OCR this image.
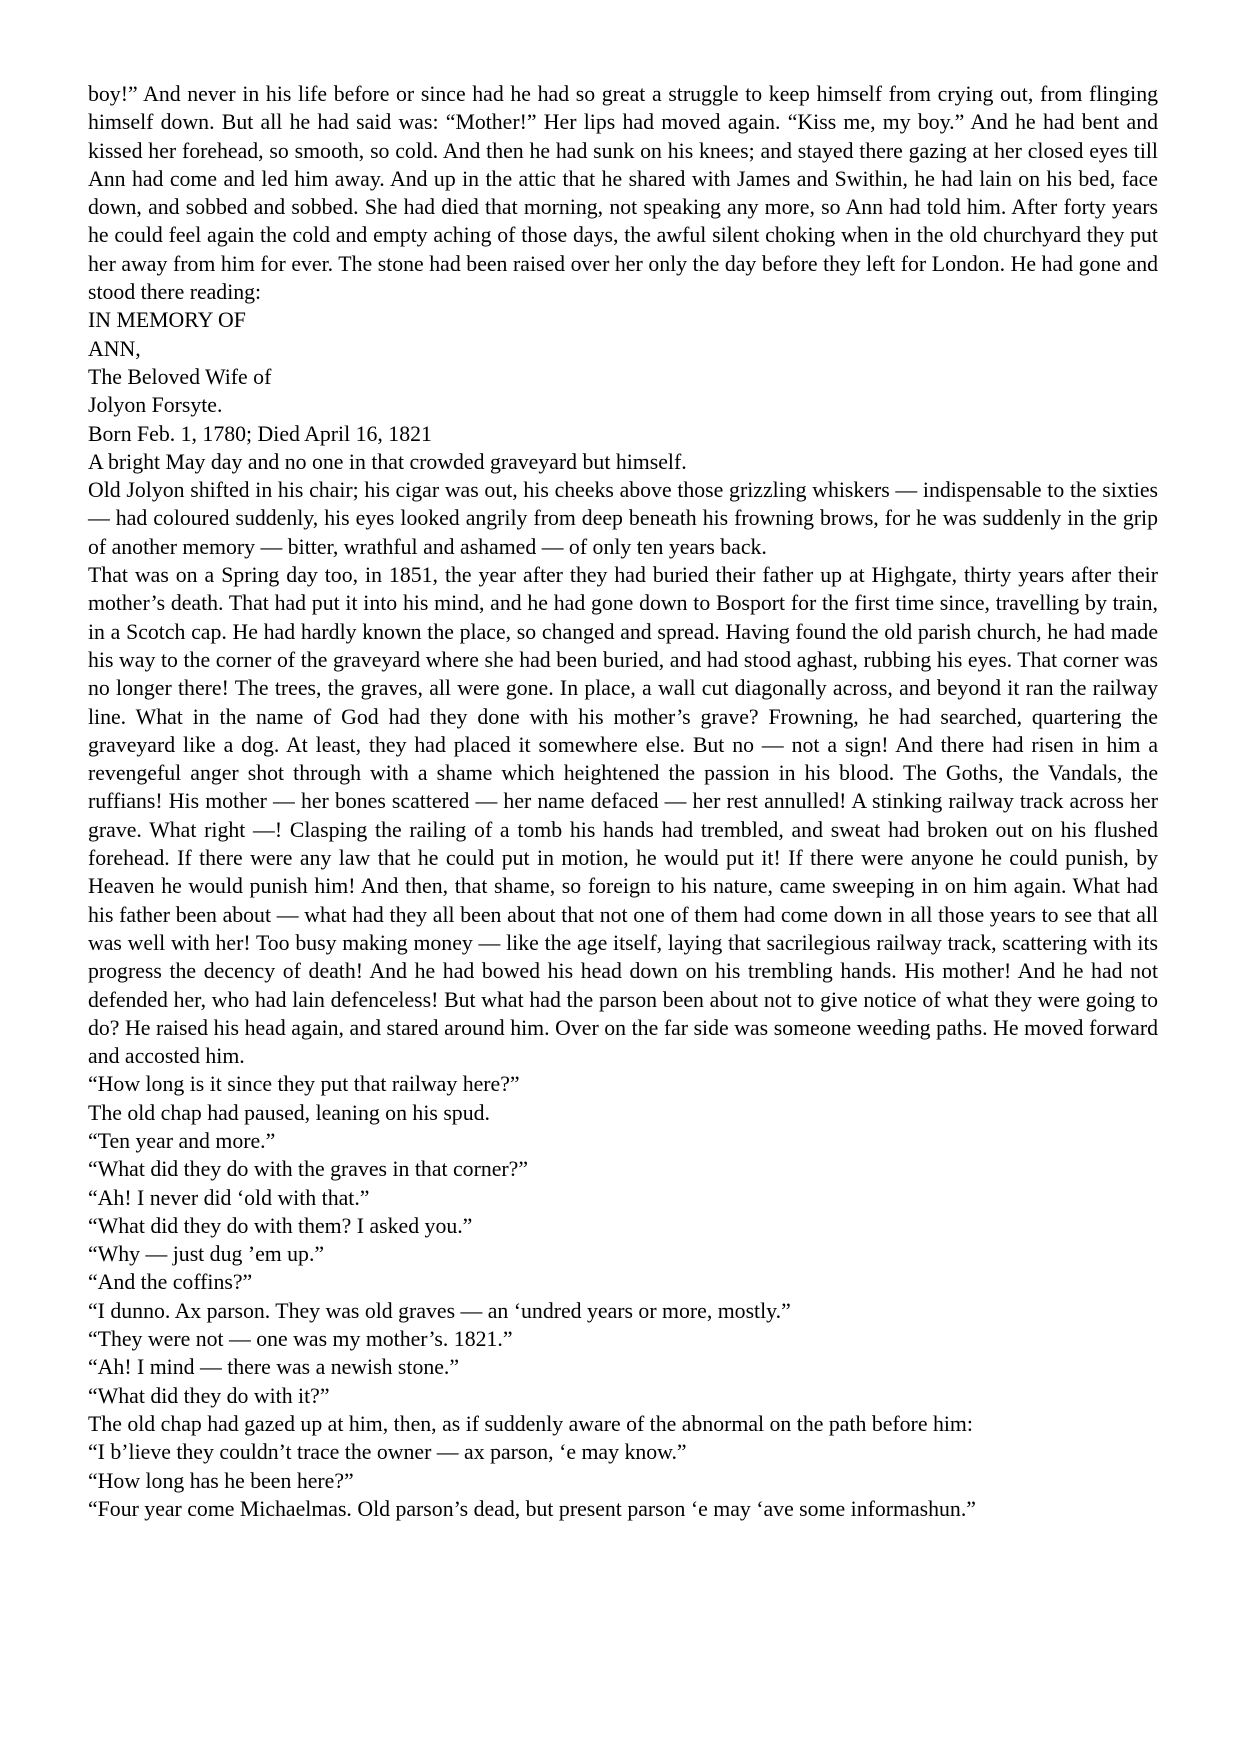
boy!” And never in his life before or since had he had so great a struggle to keep himself from crying out, from flinging himself down. But all he had said was: “Mother!” Her lips had moved again. “Kiss me, my boy.” And he had bent and kissed her forehead, so smooth, so cold. And then he had sunk on his knees; and stayed there gazing at her closed eyes till Ann had come and led him away. And up in the attic that he shared with James and Swithin, he had lain on his bed, face down, and sobbed and sobbed. She had died that morning, not speaking any more, so Ann had told him. After forty years he could feel again the cold and empty aching of those days, the awful silent choking when in the old churchyard they put her away from him for ever. The stone had been raised over her only the day before they left for London. He had gone and stood there reading:

IN MEMORY OF

ANN,

The Beloved Wife of

Jolyon Forsyte.

Born Feb. 1, 1780; Died April 16, 1821

A bright May day and no one in that crowded graveyard but himself.

Old Jolyon shifted in his chair; his cigar was out, his cheeks above those grizzling whiskers — indispensable to the sixties — had coloured suddenly, his eyes looked angrily from deep beneath his frowning brows, for he was suddenly in the grip of another memory — bitter, wrathful and ashamed — of only ten years back.

That was on a Spring day too, in 1851, the year after they had buried their father up at Highgate, thirty years after their mother’s death. That had put it into his mind, and he had gone down to Bosport for the first time since, travelling by train, in a Scotch cap. He had hardly known the place, so changed and spread. Having found the old parish church, he had made his way to the corner of the graveyard where she had been buried, and had stood aghast, rubbing his eyes. That corner was no longer there! The trees, the graves, all were gone. In place, a wall cut diagonally across, and beyond it ran the railway line. What in the name of God had they done with his mother’s grave? Frowning, he had searched, quartering the graveyard like a dog. At least, they had placed it somewhere else. But no — not a sign! And there had risen in him a revengeful anger shot through with a shame which heightened the passion in his blood. The Goths, the Vandals, the ruffians! His mother — her bones scattered — her name defaced — her rest annulled! A stinking railway track across her grave. What right —! Clasping the railing of a tomb his hands had trembled, and sweat had broken out on his flushed forehead. If there were any law that he could put in motion, he would put it! If there were anyone he could punish, by Heaven he would punish him! And then, that shame, so foreign to his nature, came sweeping in on him again. What had his father been about — what had they all been about that not one of them had come down in all those years to see that all was well with her! Too busy making money — like the age itself, laying that sacrilegious railway track, scattering with its progress the decency of death! And he had bowed his head down on his trembling hands. His mother! And he had not defended her, who had lain defenceless! But what had the parson been about not to give notice of what they were going to do? He raised his head again, and stared around him. Over on the far side was someone weeding paths. He moved forward and accosted him.

“How long is it since they put that railway here?”

The old chap had paused, leaning on his spud.

“Ten year and more.”

“What did they do with the graves in that corner?”

“Ah! I never did ‘old with that.”

“What did they do with them? I asked you.”

“Why — just dug ’em up.”

“And the coffins?”

“I dunno. Ax parson. They was old graves — an ‘undred years or more, mostly.”

“They were not — one was my mother’s. 1821.”

“Ah! I mind — there was a newish stone.”

“What did they do with it?”

The old chap had gazed up at him, then, as if suddenly aware of the abnormal on the path before him:

“I b’lieve they couldn’t trace the owner — ax parson, ‘e may know.”

“How long has he been here?”

“Four year come Michaelmas. Old parson’s dead, but present parson ‘e may ‘ave some informashun.”
